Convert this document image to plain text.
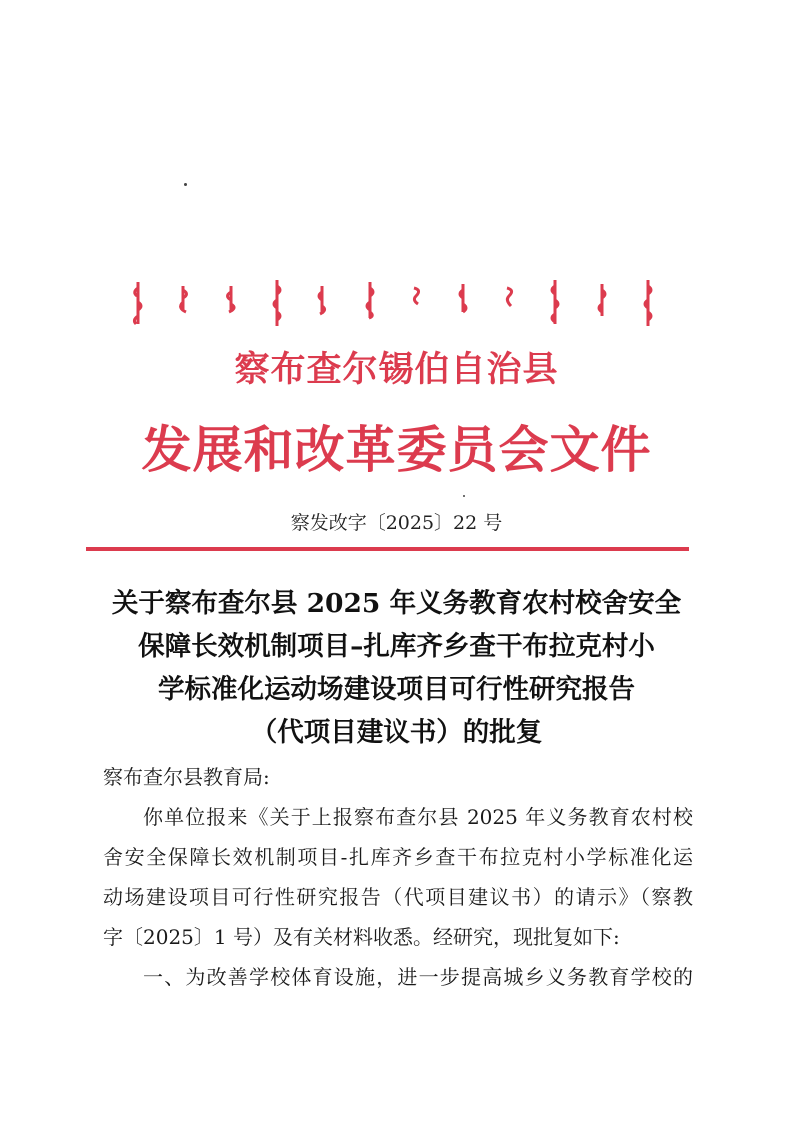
察布查尔锡伯自治县
发展和改革委员会文件
察发改字〔2025〕22 号
关于察布查尔县 2025 年义务教育农村校舍安全
保障长效机制项目–扎库齐乡查干布拉克村小
学标准化运动场建设项目可行性研究报告
（代项目建议书）的批复
察布查尔县教育局:
你单位报来《关于上报察布查尔县 2025 年义务教育农村校
舍安全保障长效机制项目-扎库齐乡查干布拉克村小学标准化运
动场建设项目可行性研究报告（代项目建议书）的请示》（察教
字〔2025〕1 号）及有关材料收悉。经研究，现批复如下:
一、为改善学校体育设施，进一步提高城乡义务教育学校的
